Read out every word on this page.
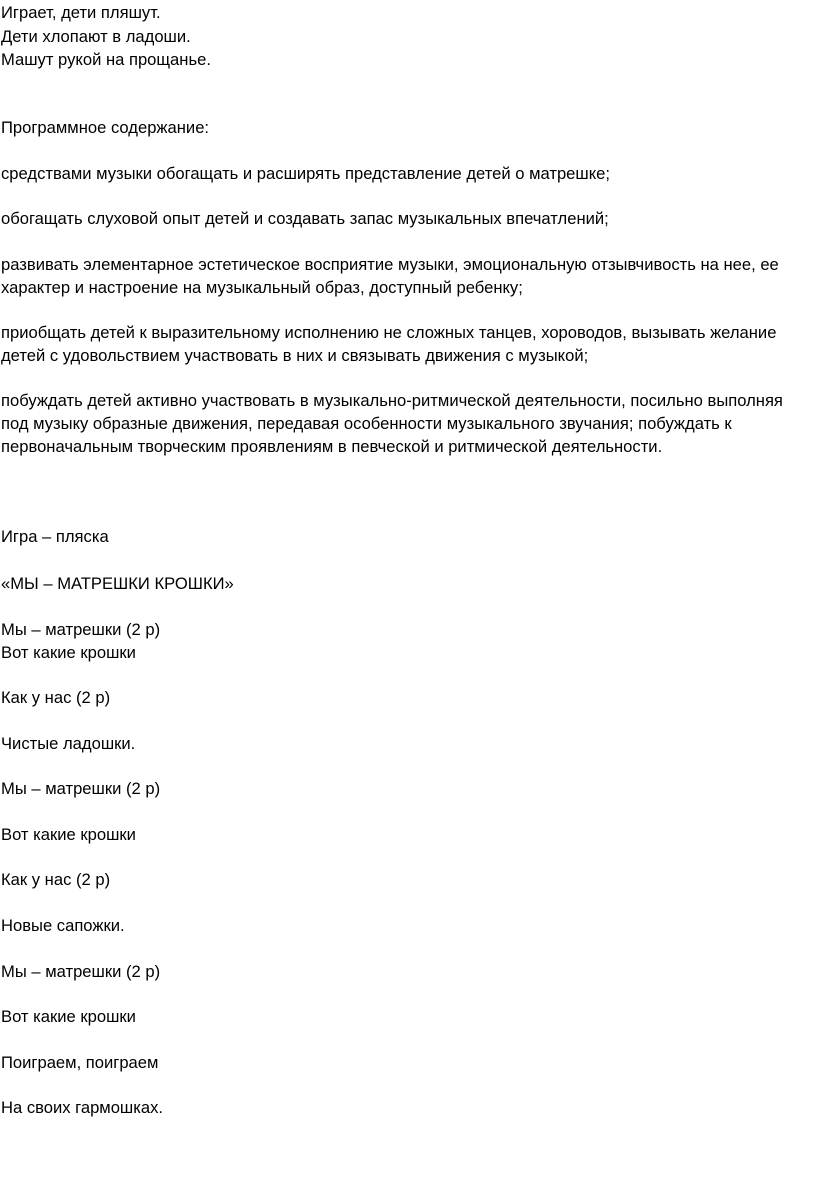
Играет, дети пляшут.

Дети хлопают в ладоши.

Машут рукой на прощанье.

Программное содержание:

средствами музыки обогащать и расширять представление детей о матрешке;

обогащать слуховой опыт детей и создавать запас музыкальных впечатлений;

развивать элементарное эстетическое восприятие музыки, эмоциональную отзывчивость на нее, ее

характер и настроение на музыкальный образ, доступный ребенку;

приобщать детей к выразительному исполнению не сложных танцев, хороводов, вызывать желание

детей с удовольствием участвовать в них и связывать движения с музыкой;

побуждать детей активно участвовать в музыкально-ритмической деятельности, посильно выполняя

под музыку образные движения, передавая особенности музыкального звучания; побуждать к

первоначальным творческим проявлениям в певческой и ритмической деятельности.

Игра – пляска

«МЫ – МАТРЕШКИ КРОШКИ»

Мы – матрешки (2 р)

Вот какие крошки

Как у нас (2 р)

Чистые ладошки.

Мы – матрешки (2 р)

Вот какие крошки

Как у нас (2 р)

Новые сапожки.

Мы – матрешки (2 р)

Вот какие крошки

Поиграем, поиграем

На своих гармошках.
